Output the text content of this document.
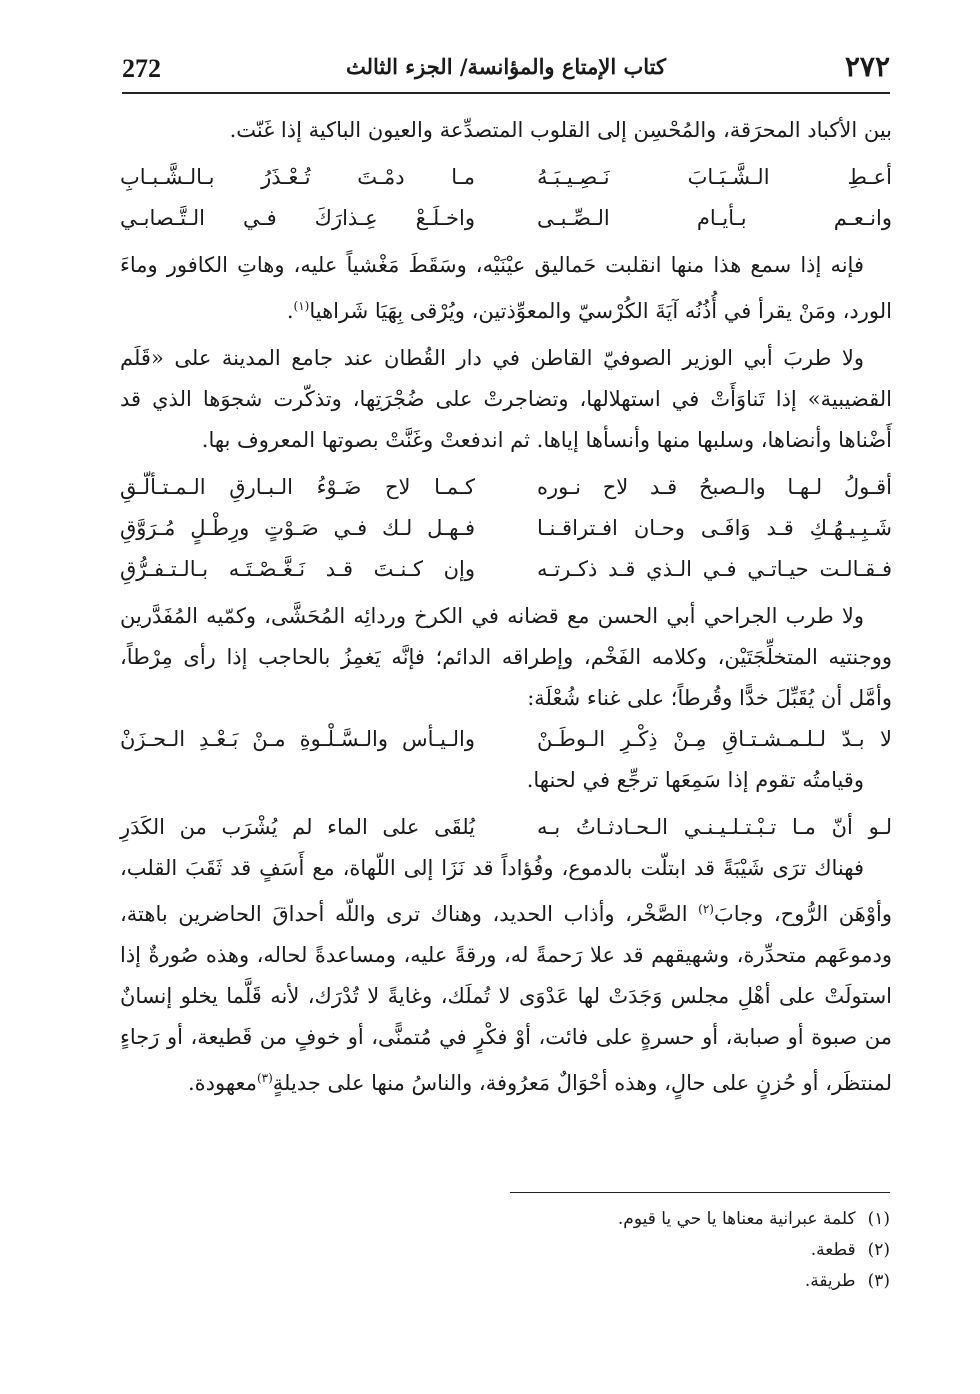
272	كتاب الإمتاع والمؤانسة/ الجزء الثالث	٢٧٢

بين الأكباد المحرَقة، والمُحْسِن إلى القلوب المتصدِّعة والعيون الباكية إذا غَنّت.

أعـطِ الـشَّـبَـابَ نَـصِـيـبَـهُ
مـا دمْـتَ تُـعْـذَرُ بـالـشَّـبـابِ
وانـعـم بـأيـام الـصِّـبـى
واخـلَـعْ عِـذارَكَ فـي الـتَّـصابـي

فإنه إذا سمع هذا منها انقلبت حَماليق عيْنَيْه، وسَقَطَ مَغْشياً عليه، وهاتِ الكافور وماءَ الورد، ومَنْ يقرأ في أُذُنُه آيَةَ الكُرْسيّ والمعوِّذتين، ويُرْقى بِهَيَا شَراهيا$^{(١)}$.

ولا طربَ أبي الوزير الصوفيّ القاطن في دار القُطان عند جامع المدينة على «قَلَم القضيبية» إذا تَناوَأَتْ في استهلالها، وتضاجرتْ على ضُجْرَتِها، وتذكّرت شجوَها الذي قد أَضْناها وأنضاها، وسلبها منها وأنسأها إياها. ثم اندفعتْ وغَنَّتْ بصوتها المعروف بها.

أقـولُ لـهـا والـصبحُ قـد لاح نـوره
كـمـا لاح ضَـوْءُ الـبـارقِ الـمـتـألّـقِ
شَـبِـيـهُـكِ قـد وَافَـى وحـان افـتراقـنـا
فـهـل لـك فـي صَـوْتٍ ورِطْـلٍ مُـرَوَّقِ
فـقـالـت حيـاتـي فـي الـذي قـد ذكـرتـه
وإن كـنـتَ قـد نَـغَّـصْـتَـه بـالـتـفـرُّقِ

ولا طرب الجراحي أبي الحسن مع قضانه في الكرخ وردائِه المُحَشَّى، وكمّيه المُفَدَّرين ووجنتيه المتخلِّجَتَيْن، وكلامه الفَخْم، وإطراقه الدائم؛ فإنَّه يَغمِزُ بالحاجب إذا رأى مِرْطاً، وأمَّل أن يُقَبِّلَ خدًّا وقُرطاً؛ على غناء شُعْلَة:

لا بـدّ لـلـمـشـتـاقِ مِـنْ ذِكْـرِ الـوطَـنْ
والـيـأس والـسَّـلْـوةِ مـنْ بَـعْـدِ الـحـزَنْ

وقيامتُه تقوم إذا سَمِعَها ترجِّع في لحنها.

لـو أنّ مـا تـبْـتـلـيـنـي الـحـادثـاتُ بـه
يُلقَى على الماء لم يُشْرَب من الكَدَرِ

فهناك ترَى شَيْبَةً قد ابتلّت بالدموع، وفُؤاداً قد نَزَا إلى اللّهاة، مع أَسَفٍ قد ثَقَبَ القلب، وأوْهَن الرُّوح، وجابَ$^{(٢)}$ الصَّخْر، وأذاب الحديد، وهناك ترى واللّه أحداقَ الحاضرين باهتة، ودموعَهم متحدِّرة، وشهيقهم قد علا رَحمةً له، ورقةً عليه، ومساعدةً لحاله، وهذه صُورةٌ إذا استولَتْ على أهْلِ مجلس وَجَدَتْ لها عَدْوَى لا تُملَك، وغايةً لا تُدْرَك، لأنه قَلَّما يخلو إنسانٌ من صبوة أو صبابة، أو حسرةٍ على فائت، أوْ فكْرٍ في مُتمنًّى، أو خوفٍ من قَطيعة، أو رَجاءٍ لمنتظَر، أو حُزنٍ على حالٍ، وهذه أحْوَالٌ مَعرُوفة، والناسُ منها على جديلةٍ$^{(٣)}$معهودة.

(١)كلمة عبرانية معناها يا حي يا قيوم.
(٢)قطعة.
(٣)طريقة.
